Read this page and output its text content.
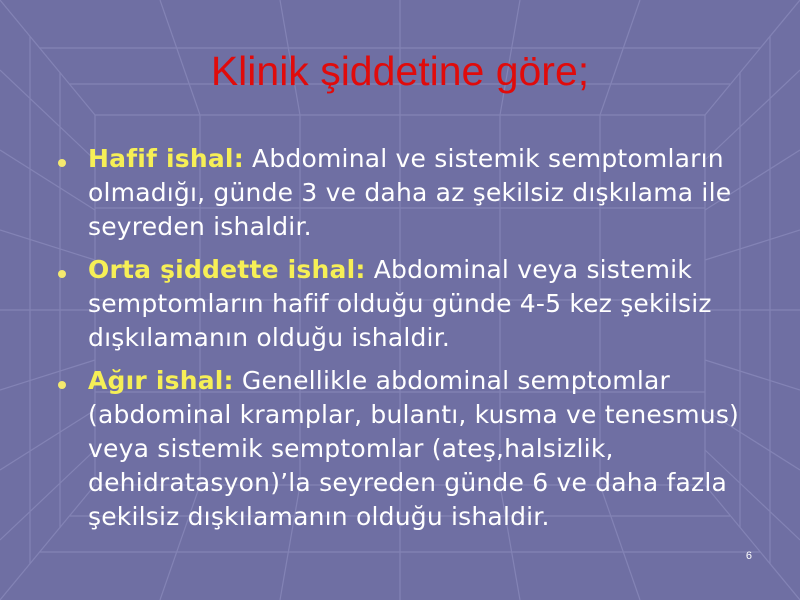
Klinik şiddetine göre;
Hafif ishal: Abdominal ve sistemik semptomların olmadığı, günde 3 ve daha az şekilsiz dışkılama ile seyreden ishaldir.
Orta şiddette ishal: Abdominal veya sistemik semptomların hafif olduğu günde 4-5 kez şekilsiz dışkılamanın olduğu ishaldir.
Ağır ishal: Genellikle abdominal semptomlar (abdominal kramplar, bulantı, kusma ve tenesmus) veya sistemik semptomlar (ateş,halsizlik, dehidratasyon)’la seyreden günde 6 ve daha fazla şekilsiz dışkılamanın olduğu ishaldir.
6
